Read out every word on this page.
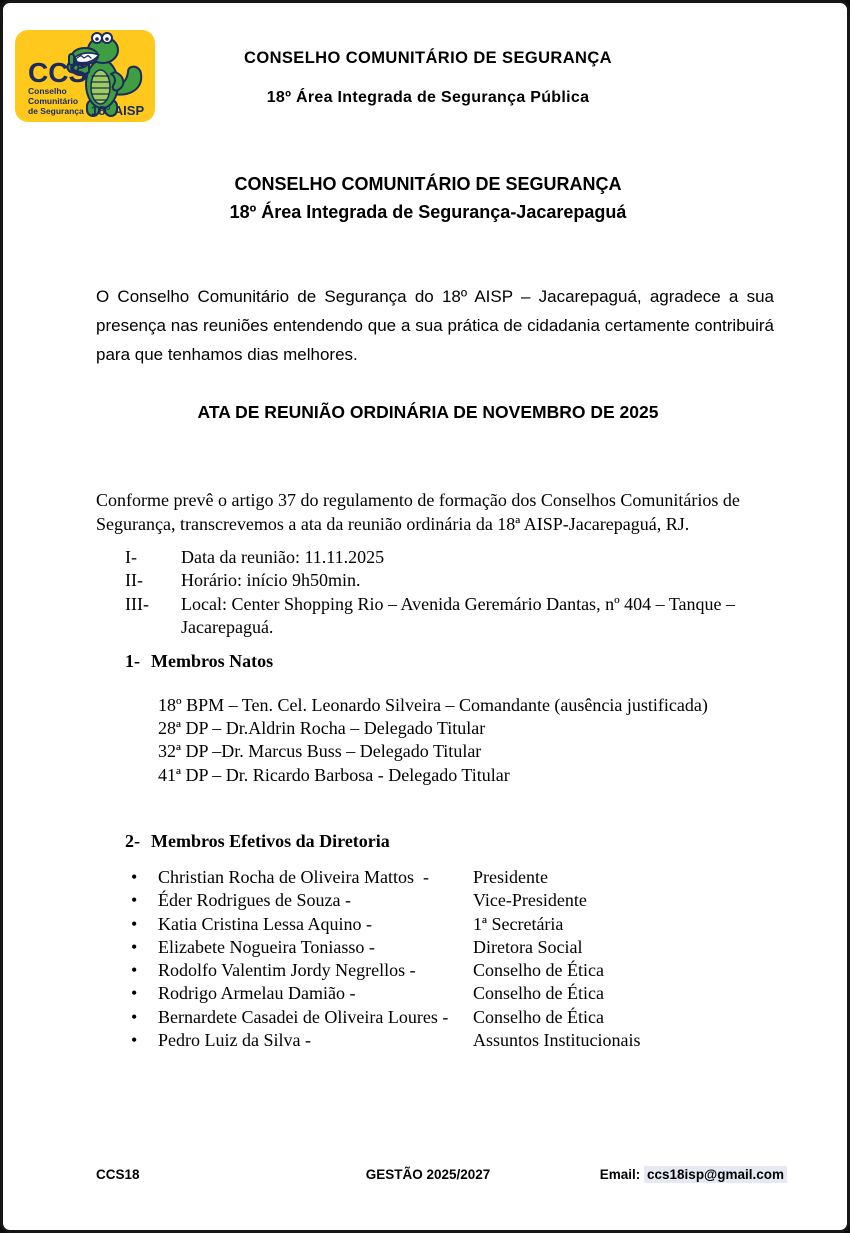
CCS
Conselho
Comunitário
de Segurança 18° AISP
CONSELHO COMUNITÁRIO DE SEGURANÇA
18º Área Integrada de Segurança Pública
CONSELHO COMUNITÁRIO DE SEGURANÇA
18º Área Integrada de Segurança-Jacarepaguá
O Conselho Comunitário de Segurança do 18º AISP – Jacarepaguá, agradece a sua presença nas reuniões entendendo que a sua prática de cidadania certamente contribuirá para que tenhamos dias melhores.
ATA DE REUNIÃO ORDINÁRIA DE NOVEMBRO DE 2025
Conforme prevê o artigo 37 do regulamento de formação dos Conselhos Comunitários de Segurança, transcrevemos a ata da reunião ordinária da 18ª AISP-Jacarepaguá, RJ.
I-	Data da reunião: 11.11.2025
II-	Horário: início 9h50min.
III-	Local: Center Shopping Rio – Avenida Geremário Dantas, nº 404 – Tanque – Jacarepaguá.
1- Membros Natos
18º BPM – Ten. Cel. Leonardo Silveira – Comandante (ausência justificada)
28ª DP – Dr.Aldrin Rocha – Delegado Titular
32ª DP –Dr. Marcus Buss – Delegado Titular
41ª DP – Dr. Ricardo Barbosa - Delegado Titular
2- Membros Efetivos da Diretoria
•	Christian Rocha de Oliveira Mattos  -	Presidente
•	Éder Rodrigues de Souza -	Vice-Presidente
•	Katia Cristina Lessa Aquino -	1ª Secretária
•	Elizabete Nogueira Toniasso -	Diretora Social
•	Rodolfo Valentim Jordy Negrellos -	Conselho de Ética
•	Rodrigo Armelau Damião -	Conselho de Ética
•	Bernardete Casadei de Oliveira Loures -	Conselho de Ética
•	Pedro Luiz da Silva -	Assuntos Institucionais
CCS18	GESTÃO 2025/2027	Email: ccs18isp@gmail.com
